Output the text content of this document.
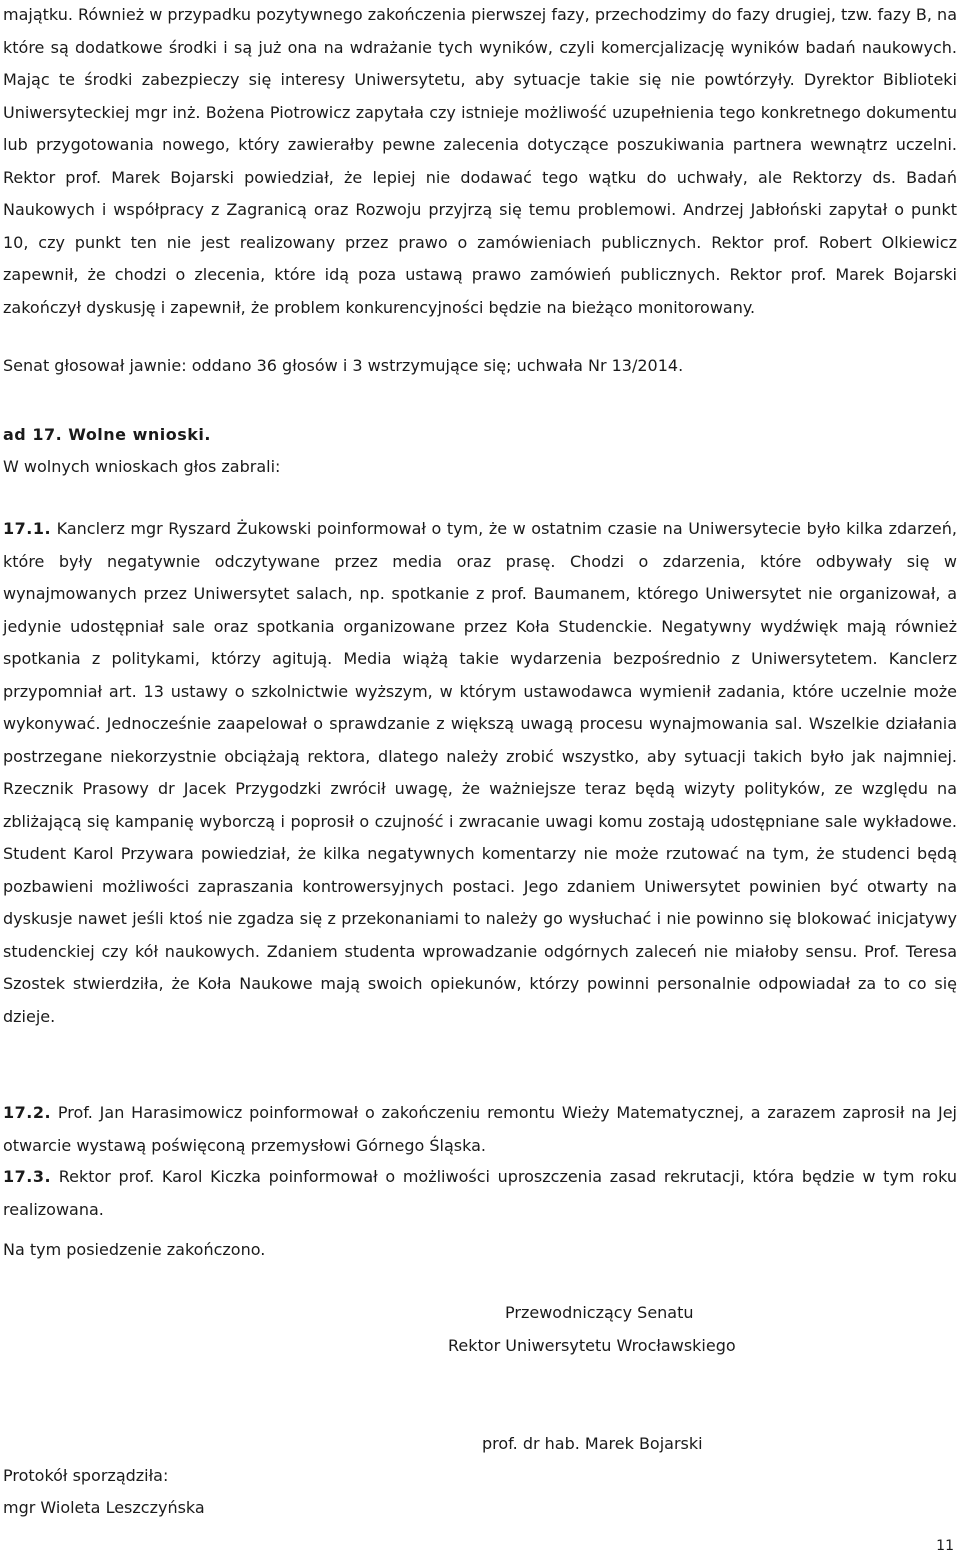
majątku. Również w przypadku pozytywnego zakończenia pierwszej fazy, przechodzimy do fazy drugiej, tzw. fazy B, na które są dodatkowe środki i są już ona na wdrażanie tych wyników, czyli komercjalizację wyników badań naukowych. Mając te środki zabezpieczy się interesy Uniwersytetu, aby sytuacje takie się nie powtórzyły. Dyrektor Biblioteki Uniwersyteckiej mgr inż. Bożena Piotrowicz zapytała czy istnieje możliwość uzupełnienia tego konkretnego dokumentu lub przygotowania nowego, który zawierałby pewne zalecenia dotyczące poszukiwania partnera wewnątrz uczelni. Rektor prof. Marek Bojarski powiedział, że lepiej nie dodawać tego wątku do uchwały, ale Rektorzy ds. Badań Naukowych i współpracy z Zagranicą oraz Rozwoju przyjrzą się temu problemowi. Andrzej Jabłoński zapytał o punkt 10, czy punkt ten nie jest realizowany przez prawo o zamówieniach publicznych. Rektor prof. Robert Olkiewicz zapewnił, że chodzi o zlecenia, które idą poza ustawą prawo zamówień publicznych. Rektor prof. Marek Bojarski zakończył dyskusję i zapewnił, że problem konkurencyjności będzie na bieżąco monitorowany.

Senat głosował jawnie: oddano 36 głosów i 3 wstrzymujące się; uchwała Nr 13/2014.

ad 17. Wolne wnioski.

W wolnych wnioskach głos zabrali:

17.1. Kanclerz mgr Ryszard Żukowski poinformował o tym, że w ostatnim czasie na Uniwersytecie było kilka zdarzeń, które były negatywnie odczytywane przez media oraz prasę. Chodzi o zdarzenia, które odbywały się w wynajmowanych przez Uniwersytet salach, np. spotkanie z prof. Baumanem, którego Uniwersytet nie organizował, a jedynie udostępniał sale oraz spotkania organizowane przez Koła Studenckie. Negatywny wydźwięk mają również spotkania z politykami, którzy agitują. Media wiążą takie wydarzenia bezpośrednio z Uniwersytetem. Kanclerz przypomniał art. 13 ustawy o szkolnictwie wyższym, w którym ustawodawca wymienił zadania, które uczelnie może wykonywać. Jednocześnie zaapelował o sprawdzanie z większą uwagą procesu wynajmowania sal. Wszelkie działania postrzegane niekorzystnie obciążają rektora, dlatego należy zrobić wszystko, aby sytuacji takich było jak najmniej. Rzecznik Prasowy dr Jacek Przygodzki zwrócił uwagę, że ważniejsze teraz będą wizyty polityków, ze względu na zbliżającą się kampanię wyborczą i poprosił o czujność i zwracanie uwagi komu zostają udostępniane sale wykładowe. Student Karol Przywara powiedział, że kilka negatywnych komentarzy nie może rzutować na tym, że studenci będą pozbawieni możliwości zapraszania kontrowersyjnych postaci. Jego zdaniem Uniwersytet powinien być otwarty na dyskusje nawet jeśli ktoś nie zgadza się z przekonaniami to należy go wysłuchać i nie powinno się blokować inicjatywy studenckiej czy kół naukowych. Zdaniem studenta wprowadzanie odgórnych zaleceń nie miałoby sensu. Prof. Teresa Szostek stwierdziła, że Koła Naukowe mają swoich opiekunów, którzy powinni personalnie odpowiadał za to co się dzieje.

17.2. Prof. Jan Harasimowicz poinformował o zakończeniu remontu Wieży Matematycznej, a zarazem zaprosił na Jej otwarcie wystawą poświęconą przemysłowi Górnego Śląska.

17.3. Rektor prof. Karol Kiczka poinformował o możliwości uproszczenia zasad rekrutacji, która będzie w tym roku realizowana.

Na tym posiedzenie zakończono.

Przewodniczący Senatu

Rektor Uniwersytetu Wrocławskiego

prof. dr hab. Marek Bojarski

Protokół sporządziła:

mgr Wioleta Leszczyńska

11
